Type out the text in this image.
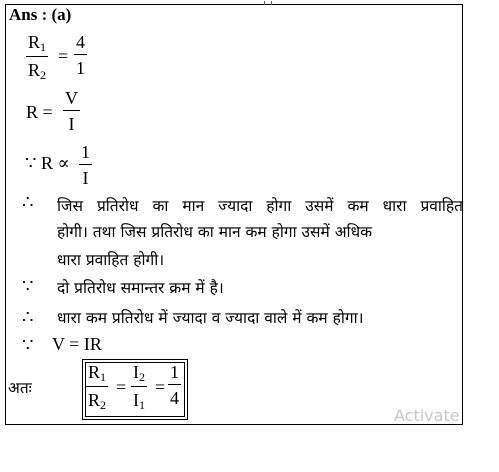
Ans : (a)
$R_1$
$R_2$
=
4
1
R =
V
I
∵ R ∝
1
I
∴ जिस प्रतिरोध का मान ज्यादा होगा उसमें कम धारा प्रवाहित
होगी। तथा जिस प्रतिरोध का मान कम होगा उसमें अधिक
धारा प्रवाहित होगी।
∵ दो प्रतिरोध समान्तर क्रम में है।
∴ धारा कम प्रतिरोध में ज्यादा व ज्यादा वाले में कम होगा।
∵ V = IR
अतः
$R_1$
$R_2$
=
$I_2$
$I_1$
=
1
4
Activate
